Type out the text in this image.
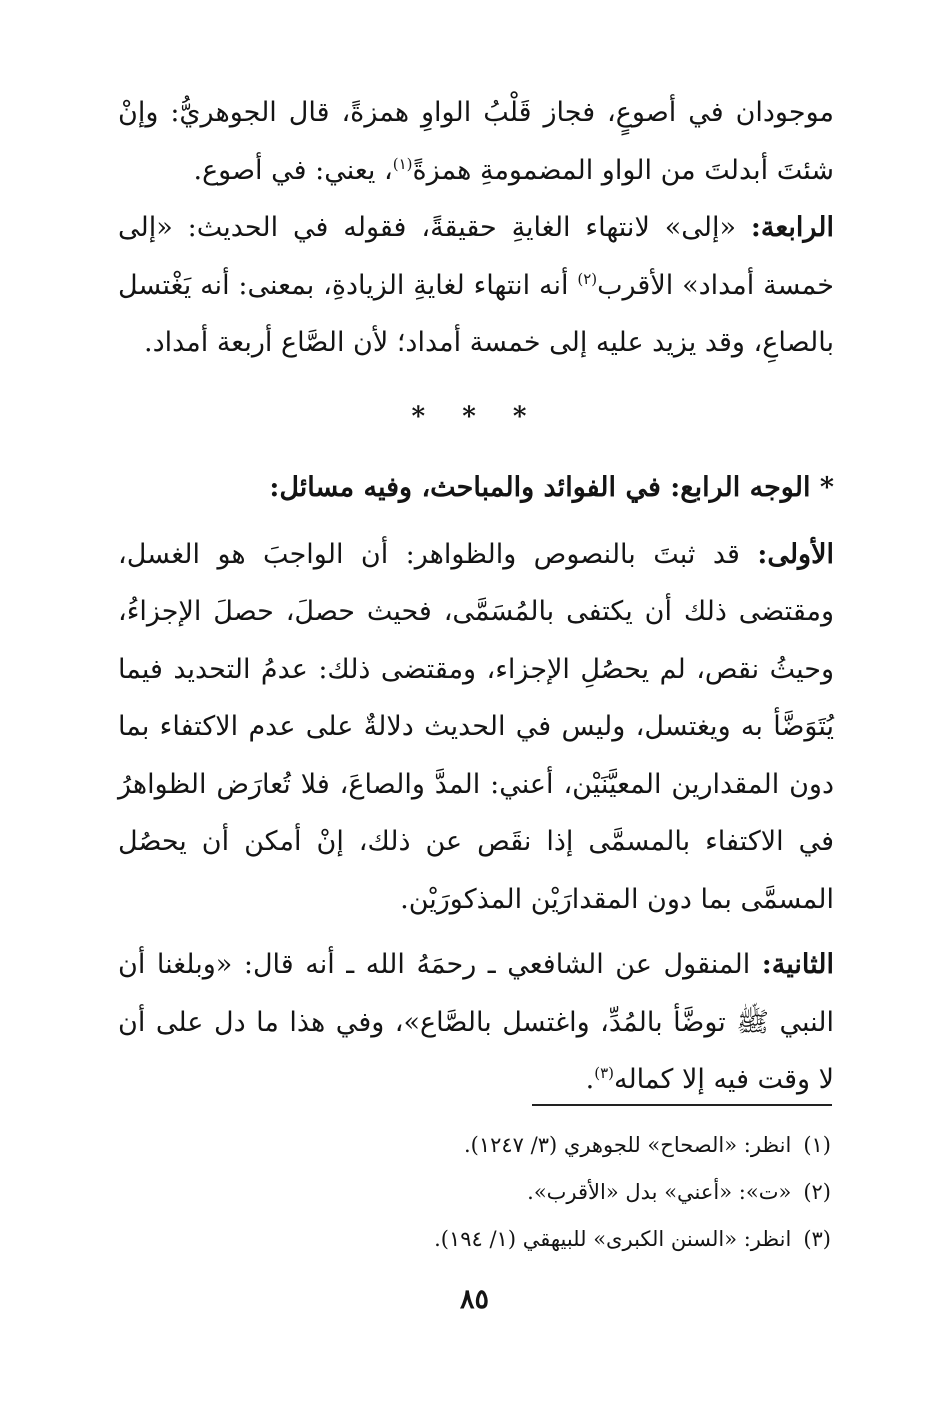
موجودان في أصوعٍ، فجاز قَلْبُ الواوِ همزةً، قال الجوهريُّ: وإنْ شئتَ أبدلتَ من الواو المضمومةِ همزةً$^{(١)}$، يعني: في أصوع.

الرابعة: «إلى» لانتهاء الغايةِ حقيقةً، فقوله في الحديث: «إلى خمسة أمداد» الأقرب$^{(٢)}$ أنه انتهاء لغايةِ الزيادةِ، بمعنى: أنه يَغْتسل بالصاعِ، وقد يزيد عليه إلى خمسة أمداد؛ لأن الصَّاع أربعة أمداد.

* * *
* الوجه الرابع: في الفوائد والمباحث، وفيه مسائل:

الأولى: قد ثبتَ بالنصوص والظواهر: أن الواجبَ هو الغسل، ومقتضى ذلك أن يكتفى بالمُسَمَّى، فحيث حصلَ، حصلَ الإجزاءُ، وحيثُ نقص، لم يحصُلِ الإجزاء، ومقتضى ذلك: عدمُ التحديد فيما يُتَوَضَّأ به ويغتسل، وليس في الحديث دلالةٌ على عدم الاكتفاء بما دون المقدارين المعيَّنَيْن، أعني: المدَّ والصاعَ، فلا تُعارَض الظواهرُ في الاكتفاء بالمسمَّى إذا نقَص عن ذلك، إنْ أمكن أن يحصُل المسمَّى بما دون المقدارَيْن المذكورَيْن.

الثانية: المنقول عن الشافعي ـ رحمَهُ الله ـ أنه قال: «وبلغنا أن النبي ﷺ توضَّأ بالمُدِّ، واغتسل بالصَّاع»، وفي هذا ما دل على أن لا وقت فيه إلا كماله$^{(٣)}$.

(١)انظر: «الصحاح» للجوهري (٣/ ١٢٤٧).
(٢)«ت»: «أعني» بدل «الأقرب».
(٣)انظر: «السنن الكبرى» للبيهقي (١/ ١٩٤).
٨٥
